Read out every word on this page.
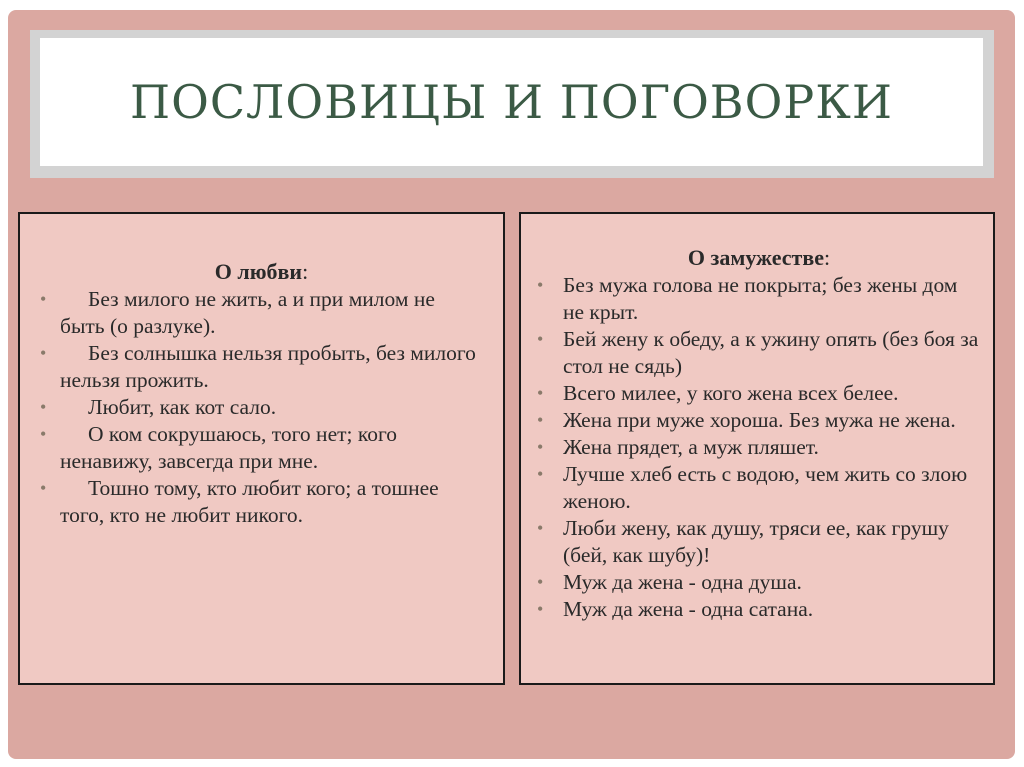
ПОСЛОВИЦЫ И ПОГОВОРКИ
О любви:
• Без милого не жить, а и при милом не быть (о разлуке).
• Без солнышка нельзя пробыть, без милого нельзя прожить.
• Любит, как кот сало.
• О ком сокрушаюсь, того нет; кого ненавижу, завсегда при мне.
• Тошно тому, кто любит кого; а тошнее того, кто не любит никого.
О замужестве:
• Без мужа голова не покрыта; без жены дом не крыт.
• Бей жену к обеду, а к ужину опять (без боя за стол не сядь)
• Всего милее, у кого жена всех белее.
• Жена при муже хороша. Без мужа не жена.
• Жена прядет, а муж пляшет.
• Лучше хлеб есть с водою, чем жить со злою женою.
• Люби жену, как душу, тряси ее, как грушу (бей, как шубу)!
• Муж да жена - одна душа.
• Муж да жена - одна сатана.
